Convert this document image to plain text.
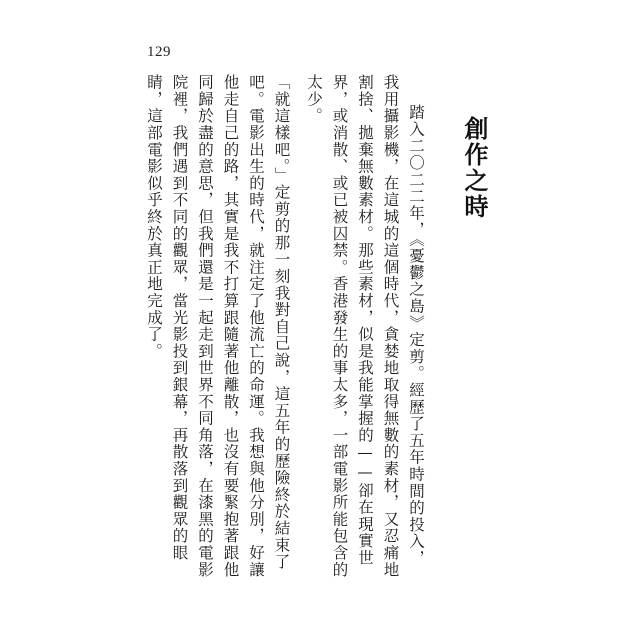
129
創作之時

踏入二〇二二年，《憂鬱之島》定剪。經歷了五年時間的投入，我用攝影機，在這城的這個時代，貪婪地取得無數的素材，又忍痛地割捨、拋棄無數素材。那些素材，似是我能掌握的——卻在現實世界，或消散、或已被囚禁。香港發生的事太多，一部電影所能包含的太少。

「就這樣吧。」定剪的那一刻我對自己說，這五年的歷險終於結束了吧。電影出生的時代，就注定了他流亡的命運。我想與他分別，好讓他走自己的路，其實是我不打算跟隨著他離散，也沒有要緊抱著跟他同歸於盡的意思，但我們還是一起走到世界不同角落，在漆黑的電影院裡，我們遇到不同的觀眾，當光影投到銀幕，再散落到觀眾的眼睛，這部電影似乎終於真正地完成了。
